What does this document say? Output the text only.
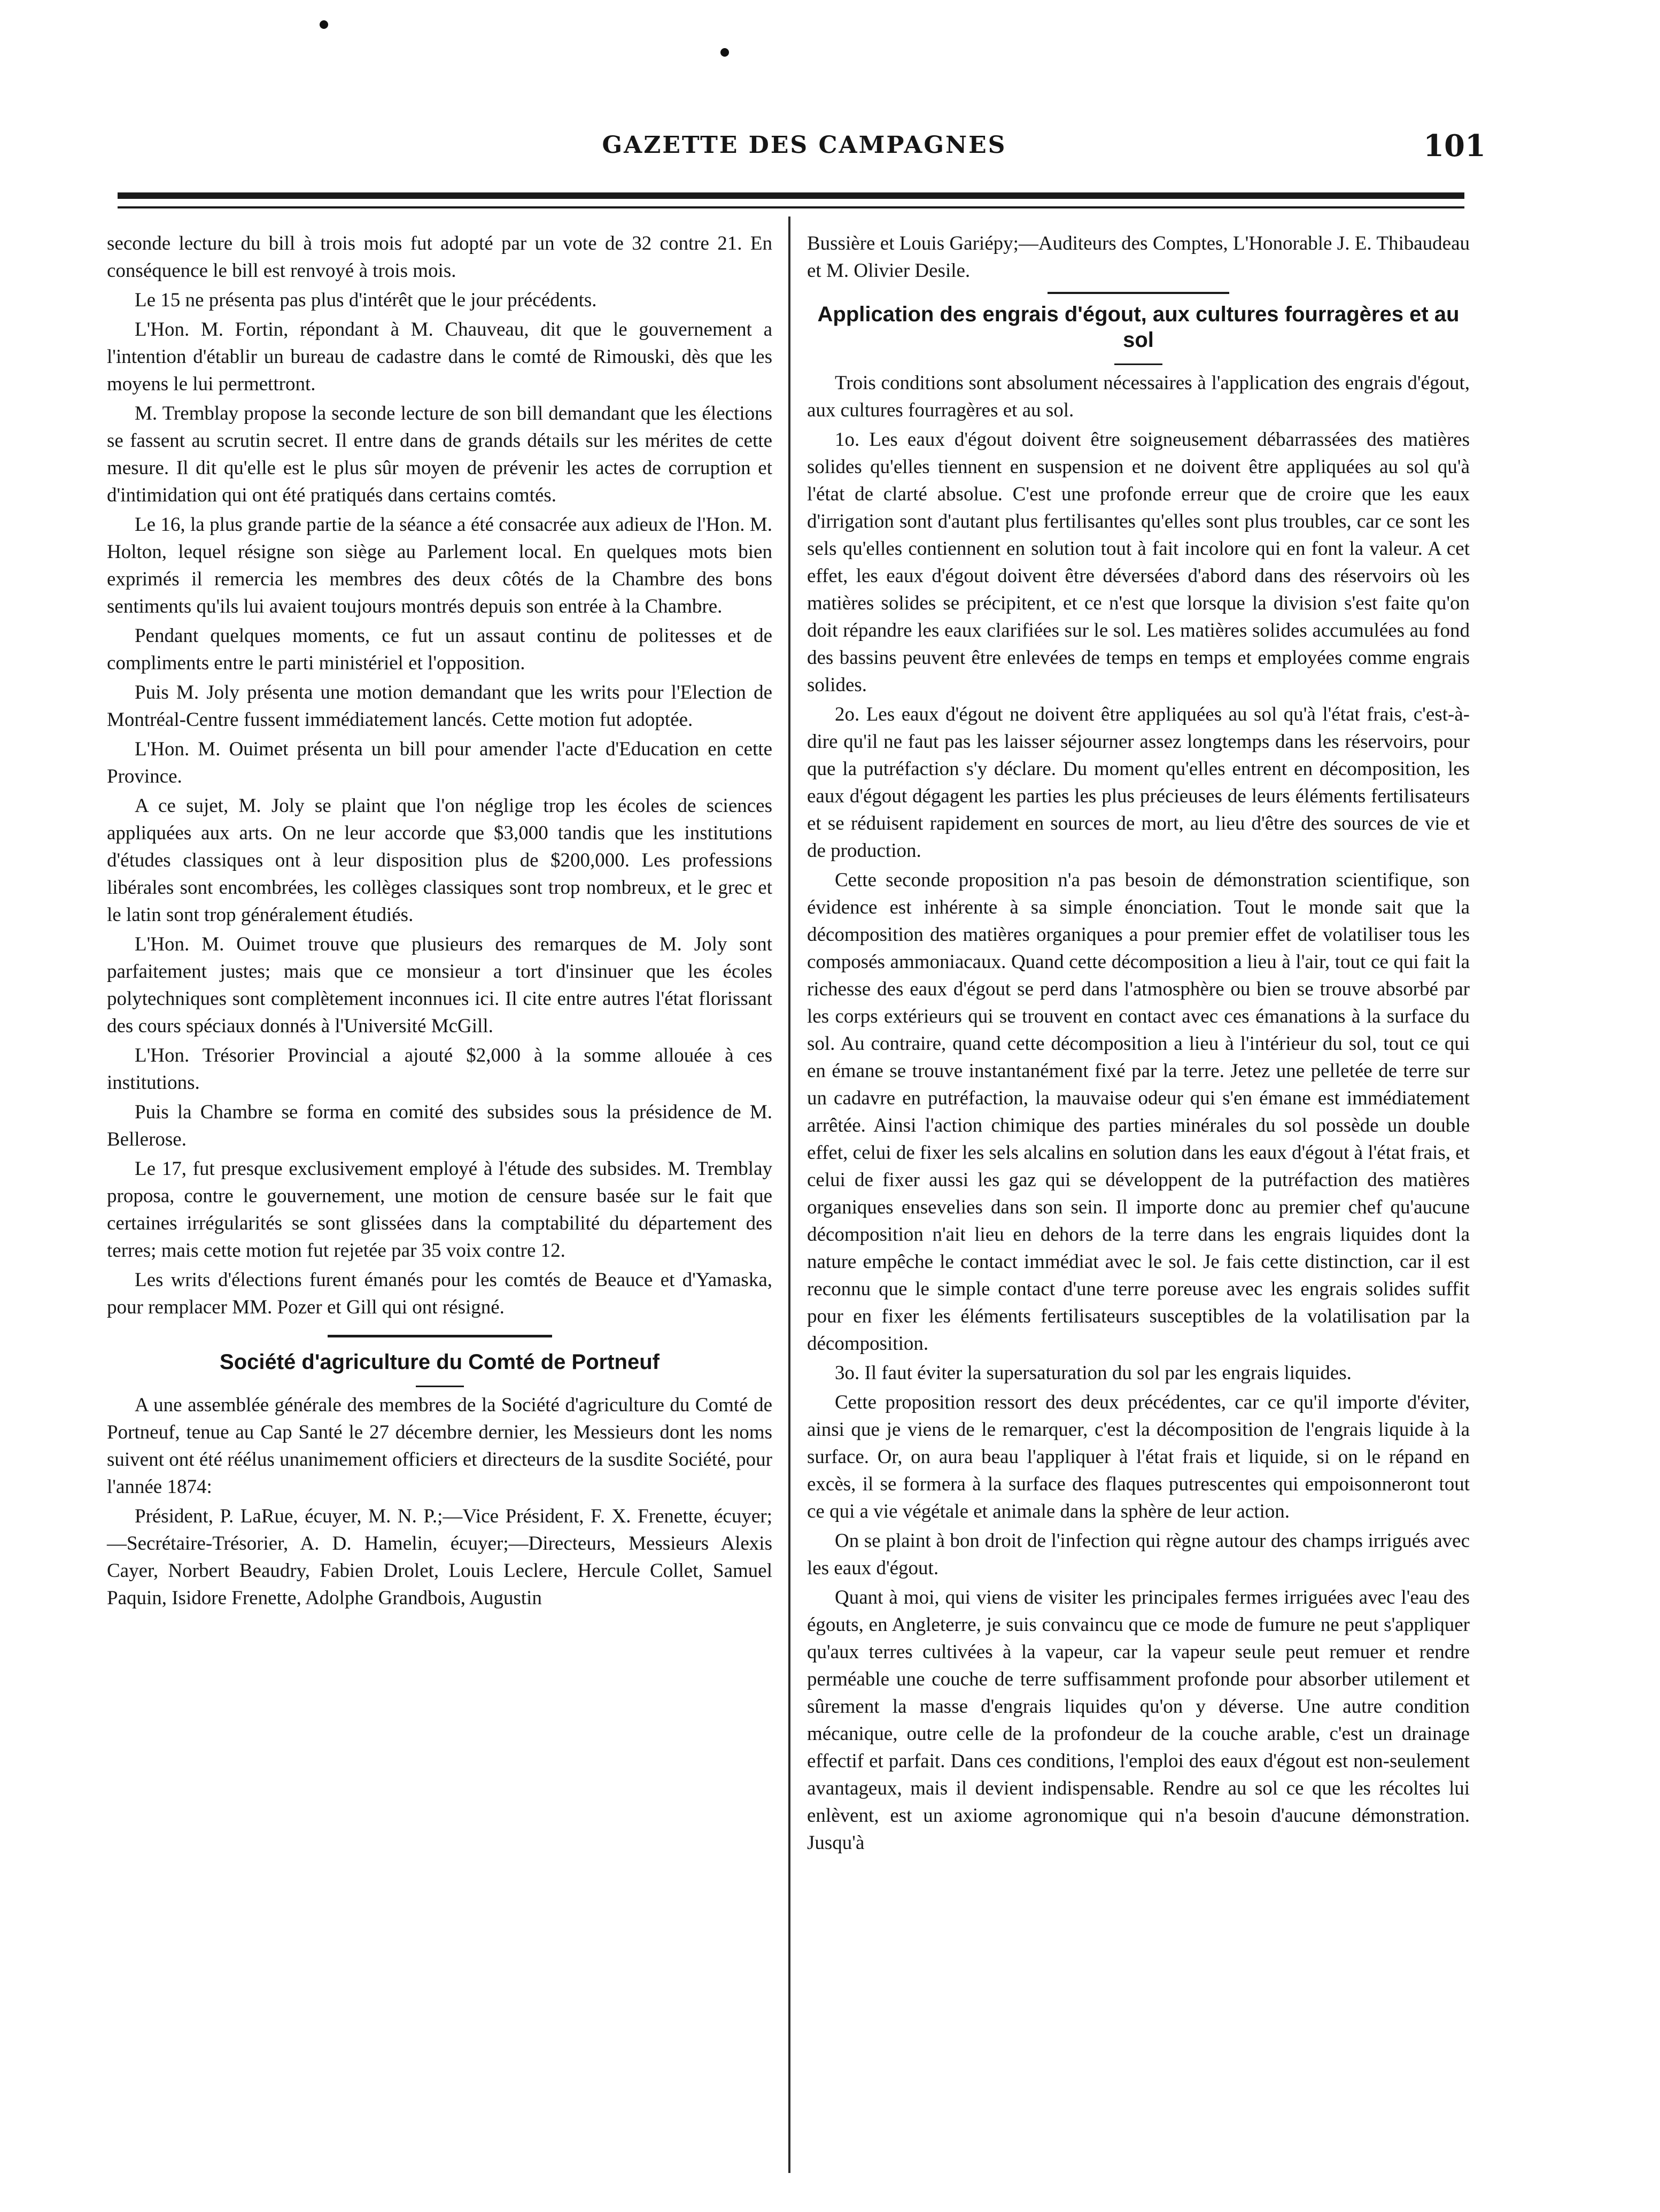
GAZETTE DES CAMPAGNES	101

seconde lecture du bill à trois mois fut adopté par un vote de 32 contre 21. En conséquence le bill est renvoyé à trois mois.

Le 15 ne présenta pas plus d'intérêt que le jour précédents.

L'Hon. M. Fortin, répondant à M. Chauveau, dit que le gouvernement a l'intention d'établir un bureau de cadastre dans le comté de Rimouski, dès que les moyens le lui permettront.

M. Tremblay propose la seconde lecture de son bill demandant que les élections se fassent au scrutin secret. Il entre dans de grands détails sur les mérites de cette mesure. Il dit qu'elle est le plus sûr moyen de prévenir les actes de corruption et d'intimidation qui ont été pratiqués dans certains comtés.

Le 16, la plus grande partie de la séance a été consacrée aux adieux de l'Hon. M. Holton, lequel résigne son siège au Parlement local. En quelques mots bien exprimés il remercia les membres des deux côtés de la Chambre des bons sentiments qu'ils lui avaient toujours montrés depuis son entrée à la Chambre.

Pendant quelques moments, ce fut un assaut continu de politesses et de compliments entre le parti ministériel et l'opposition.

Puis M. Joly présenta une motion demandant que les writs pour l'Election de Montréal-Centre fussent immédiatement lancés. Cette motion fut adoptée.

L'Hon. M. Ouimet présenta un bill pour amender l'acte d'Education en cette Province.

A ce sujet, M. Joly se plaint que l'on néglige trop les écoles de sciences appliquées aux arts. On ne leur accorde que $3,000 tandis que les institutions d'études classiques ont à leur disposition plus de $200,000. Les professions libérales sont encombrées, les collèges classiques sont trop nombreux, et le grec et le latin sont trop généralement étudiés.

L'Hon. M. Ouimet trouve que plusieurs des remarques de M. Joly sont parfaitement justes; mais que ce monsieur a tort d'insinuer que les écoles polytechniques sont complètement inconnues ici. Il cite entre autres l'état florissant des cours spéciaux donnés à l'Université McGill.

L'Hon. Trésorier Provincial a ajouté $2,000 à la somme allouée à ces institutions.

Puis la Chambre se forma en comité des subsides sous la présidence de M. Bellerose.

Le 17, fut presque exclusivement employé à l'étude des subsides. M. Tremblay proposa, contre le gouvernement, une motion de censure basée sur le fait que certaines irrégularités se sont glissées dans la comptabilité du département des terres; mais cette motion fut rejetée par 35 voix contre 12.

Les writs d'élections furent émanés pour les comtés de Beauce et d'Yamaska, pour remplacer MM. Pozer et Gill qui ont résigné.

Société d'agriculture du Comté de Portneuf

A une assemblée générale des membres de la Société d'agriculture du Comté de Portneuf, tenue au Cap Santé le 27 décembre dernier, les Messieurs dont les noms suivent ont été réélus unanimement officiers et directeurs de la susdite Société, pour l'année 1874:

Président, P. LaRue, écuyer, M. N. P.;—Vice Président, F. X. Frenette, écuyer;—Secrétaire-Trésorier, A. D. Hamelin, écuyer;—Directeurs, Messieurs Alexis Cayer, Norbert Beaudry, Fabien Drolet, Louis Leclere, Hercule Collet, Samuel Paquin, Isidore Frenette, Adolphe Grandbois, Augustin

Bussière et Louis Gariépy;—Auditeurs des Comptes, L'Honorable J. E. Thibaudeau et M. Olivier Desile.

Application des engrais d'égout, aux cultures fourragères et au sol

Trois conditions sont absolument nécessaires à l'application des engrais d'égout, aux cultures fourragères et au sol.

1o. Les eaux d'égout doivent être soigneusement débarrassées des matières solides qu'elles tiennent en suspension et ne doivent être appliquées au sol qu'à l'état de clarté absolue. C'est une profonde erreur que de croire que les eaux d'irrigation sont d'autant plus fertilisantes qu'elles sont plus troubles, car ce sont les sels qu'elles contiennent en solution tout à fait incolore qui en font la valeur. A cet effet, les eaux d'égout doivent être déversées d'abord dans des réservoirs où les matières solides se précipitent, et ce n'est que lorsque la division s'est faite qu'on doit répandre les eaux clarifiées sur le sol. Les matières solides accumulées au fond des bassins peuvent être enlevées de temps en temps et employées comme engrais solides.

2o. Les eaux d'égout ne doivent être appliquées au sol qu'à l'état frais, c'est-à-dire qu'il ne faut pas les laisser séjourner assez longtemps dans les réservoirs, pour que la putréfaction s'y déclare. Du moment qu'elles entrent en décomposition, les eaux d'égout dégagent les parties les plus précieuses de leurs éléments fertilisateurs et se réduisent rapidement en sources de mort, au lieu d'être des sources de vie et de production.

Cette seconde proposition n'a pas besoin de démonstration scientifique, son évidence est inhérente à sa simple énonciation. Tout le monde sait que la décomposition des matières organiques a pour premier effet de volatiliser tous les composés ammoniacaux. Quand cette décomposition a lieu à l'air, tout ce qui fait la richesse des eaux d'égout se perd dans l'atmosphère ou bien se trouve absorbé par les corps extérieurs qui se trouvent en contact avec ces émanations à la surface du sol. Au contraire, quand cette décomposition a lieu à l'intérieur du sol, tout ce qui en émane se trouve instantanément fixé par la terre. Jetez une pelletée de terre sur un cadavre en putréfaction, la mauvaise odeur qui s'en émane est immédiatement arrêtée. Ainsi l'action chimique des parties minérales du sol possède un double effet, celui de fixer les sels alcalins en solution dans les eaux d'égout à l'état frais, et celui de fixer aussi les gaz qui se développent de la putréfaction des matières organiques ensevelies dans son sein. Il importe donc au premier chef qu'aucune décomposition n'ait lieu en dehors de la terre dans les engrais liquides dont la nature empêche le contact immédiat avec le sol. Je fais cette distinction, car il est reconnu que le simple contact d'une terre poreuse avec les engrais solides suffit pour en fixer les éléments fertilisateurs susceptibles de la volatilisation par la décomposition.

3o. Il faut éviter la supersaturation du sol par les engrais liquides.

Cette proposition ressort des deux précédentes, car ce qu'il importe d'éviter, ainsi que je viens de le remarquer, c'est la décomposition de l'engrais liquide à la surface. Or, on aura beau l'appliquer à l'état frais et liquide, si on le répand en excès, il se formera à la surface des flaques putrescentes qui empoisonneront tout ce qui a vie végétale et animale dans la sphère de leur action.

On se plaint à bon droit de l'infection qui règne autour des champs irrigués avec les eaux d'égout.

Quant à moi, qui viens de visiter les principales fermes irriguées avec l'eau des égouts, en Angleterre, je suis convaincu que ce mode de fumure ne peut s'appliquer qu'aux terres cultivées à la vapeur, car la vapeur seule peut remuer et rendre perméable une couche de terre suffisamment profonde pour absorber utilement et sûrement la masse d'engrais liquides qu'on y déverse. Une autre condition mécanique, outre celle de la profondeur de la couche arable, c'est un drainage effectif et parfait. Dans ces conditions, l'emploi des eaux d'égout est non-seulement avantageux, mais il devient indispensable. Rendre au sol ce que les récoltes lui enlèvent, est un axiome agronomique qui n'a besoin d'aucune démonstration. Jusqu'à
